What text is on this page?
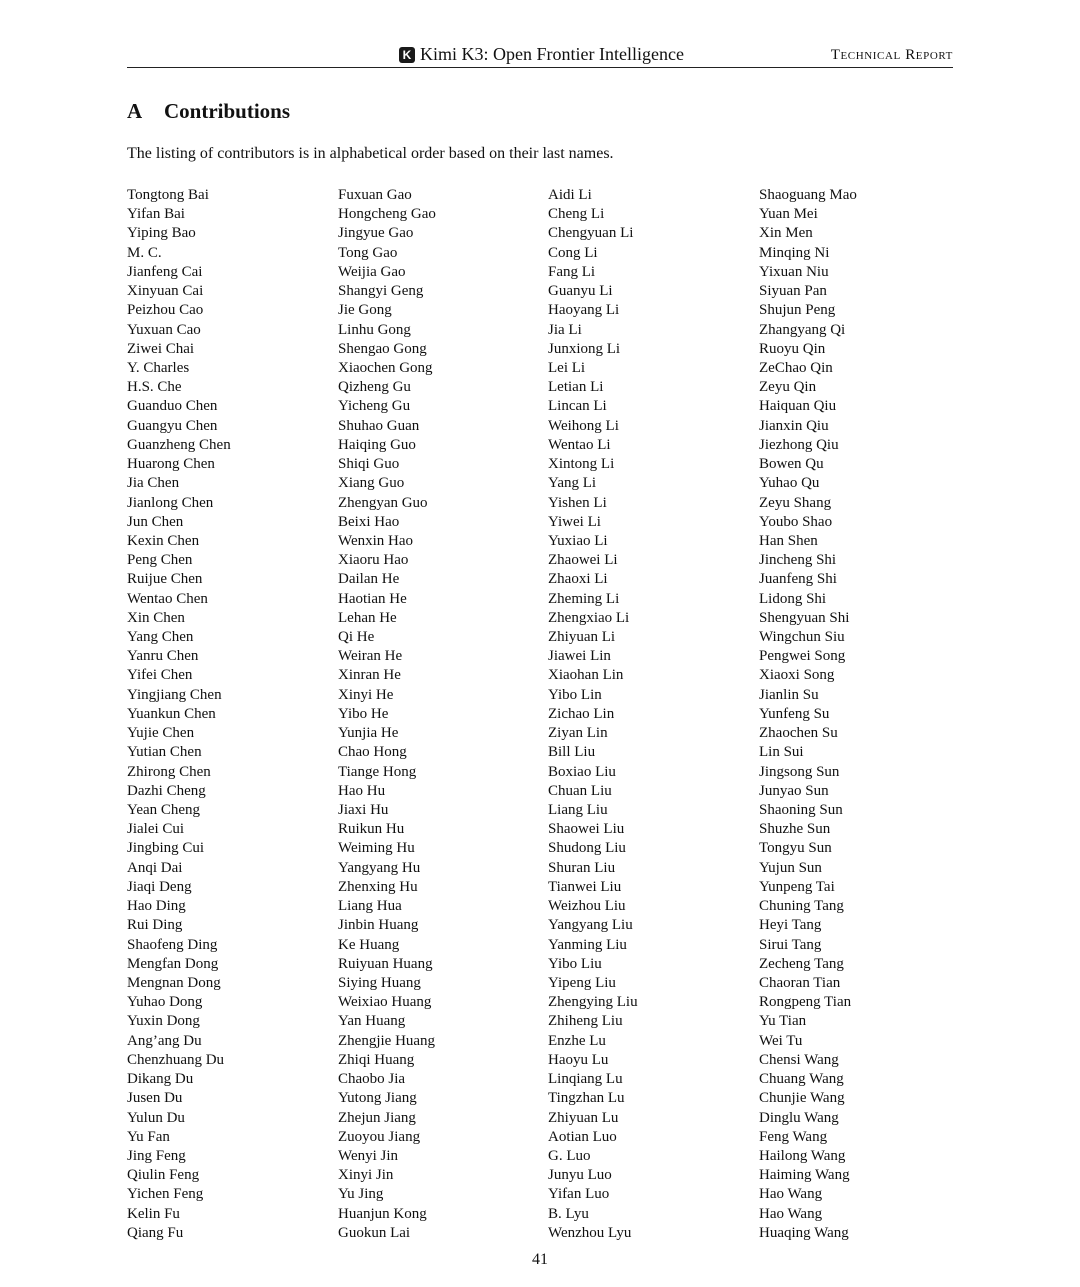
K Kimi K3: Open Frontier Intelligence	Technical Report
A Contributions
The listing of contributors is in alphabetical order based on their last names.
Tongtong Bai
Yifan Bai
Yiping Bao
M. C.
Jianfeng Cai
Xinyuan Cai
Peizhou Cao
Yuxuan Cao
Ziwei Chai
Y. Charles
H.S. Che
Guanduo Chen
Guangyu Chen
Guanzheng Chen
Huarong Chen
Jia Chen
Jianlong Chen
Jun Chen
Kexin Chen
Peng Chen
Ruijue Chen
Wentao Chen
Xin Chen
Yang Chen
Yanru Chen
Yifei Chen
Yingjiang Chen
Yuankun Chen
Yujie Chen
Yutian Chen
Zhirong Chen
Dazhi Cheng
Yean Cheng
Jialei Cui
Jingbing Cui
Anqi Dai
Jiaqi Deng
Hao Ding
Rui Ding
Shaofeng Ding
Mengfan Dong
Mengnan Dong
Yuhao Dong
Yuxin Dong
Ang’ang Du
Chenzhuang Du
Dikang Du
Jusen Du
Yulun Du
Yu Fan
Jing Feng
Qiulin Feng
Yichen Feng
Kelin Fu
Qiang Fu
Fuxuan Gao
Hongcheng Gao
Jingyue Gao
Tong Gao
Weijia Gao
Shangyi Geng
Jie Gong
Linhu Gong
Shengao Gong
Xiaochen Gong
Qizheng Gu
Yicheng Gu
Shuhao Guan
Haiqing Guo
Shiqi Guo
Xiang Guo
Zhengyan Guo
Beixi Hao
Wenxin Hao
Xiaoru Hao
Dailan He
Haotian He
Lehan He
Qi He
Weiran He
Xinran He
Xinyi He
Yibo He
Yunjia He
Chao Hong
Tiange Hong
Hao Hu
Jiaxi Hu
Ruikun Hu
Weiming Hu
Yangyang Hu
Zhenxing Hu
Liang Hua
Jinbin Huang
Ke Huang
Ruiyuan Huang
Siying Huang
Weixiao Huang
Yan Huang
Zhengjie Huang
Zhiqi Huang
Chaobo Jia
Yutong Jiang
Zhejun Jiang
Zuoyou Jiang
Wenyi Jin
Xinyi Jin
Yu Jing
Huanjun Kong
Guokun Lai
Aidi Li
Cheng Li
Chengyuan Li
Cong Li
Fang Li
Guanyu Li
Haoyang Li
Jia Li
Junxiong Li
Lei Li
Letian Li
Lincan Li
Weihong Li
Wentao Li
Xintong Li
Yang Li
Yishen Li
Yiwei Li
Yuxiao Li
Zhaowei Li
Zhaoxi Li
Zheming Li
Zhengxiao Li
Zhiyuan Li
Jiawei Lin
Xiaohan Lin
Yibo Lin
Zichao Lin
Ziyan Lin
Bill Liu
Boxiao Liu
Chuan Liu
Liang Liu
Shaowei Liu
Shudong Liu
Shuran Liu
Tianwei Liu
Weizhou Liu
Yangyang Liu
Yanming Liu
Yibo Liu
Yipeng Liu
Zhengying Liu
Zhiheng Liu
Enzhe Lu
Haoyu Lu
Linqiang Lu
Tingzhan Lu
Zhiyuan Lu
Aotian Luo
G. Luo
Junyu Luo
Yifan Luo
B. Lyu
Wenzhou Lyu
Shaoguang Mao
Yuan Mei
Xin Men
Minqing Ni
Yixuan Niu
Siyuan Pan
Shujun Peng
Zhangyang Qi
Ruoyu Qin
ZeChao Qin
Zeyu Qin
Haiquan Qiu
Jianxin Qiu
Jiezhong Qiu
Bowen Qu
Yuhao Qu
Zeyu Shang
Youbo Shao
Han Shen
Jincheng Shi
Juanfeng Shi
Lidong Shi
Shengyuan Shi
Wingchun Siu
Pengwei Song
Xiaoxi Song
Jianlin Su
Yunfeng Su
Zhaochen Su
Lin Sui
Jingsong Sun
Junyao Sun
Shaoning Sun
Shuzhe Sun
Tongyu Sun
Yujun Sun
Yunpeng Tai
Chuning Tang
Heyi Tang
Sirui Tang
Zecheng Tang
Chaoran Tian
Rongpeng Tian
Yu Tian
Wei Tu
Chensi Wang
Chuang Wang
Chunjie Wang
Dinglu Wang
Feng Wang
Hailong Wang
Haiming Wang
Hao Wang
Hao Wang
Huaqing Wang
41
